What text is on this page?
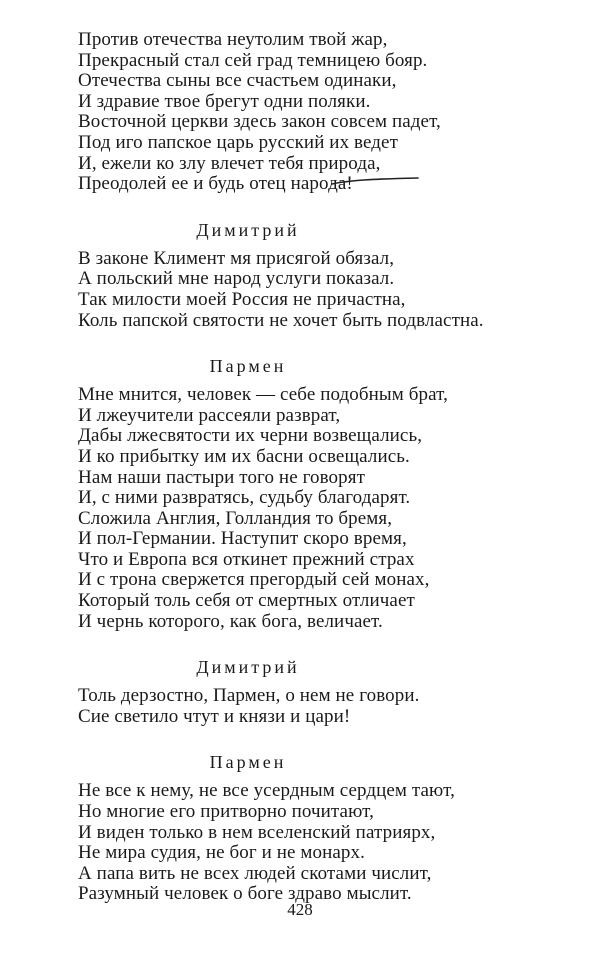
Против отечества неутолим твой жар,
Прекрасный стал сей град темницею бояр.
Отечества сыны все счастьем одинаки,
И здравие твое брегут одни поляки.
Восточной церкви здесь закон совсем падет,
Под иго папское царь русский их ведет
И, ежели ко злу влечет тебя природа,
Преодолей ее и будь отец народа!
Димитрий
В законе Климент мя присягой обязал,
А польский мне народ услуги показал.
Так милости моей Россия не причастна,
Коль папской святости не хочет быть подвластна.
Пармен
Мне мнится, человек — себе подобным брат,
И лжеучители рассеяли разврат,
Дабы лжесвятости их черни возвещались,
И ко прибытку им их басни освещались.
Нам наши пастыри того не говорят
И, с ними развратясь, судьбу благодарят.
Сложила Англия, Голландия то бремя,
И пол-Германии. Наступит скоро время,
Что и Европа вся откинет прежний страх
И с трона свержется прегордый сей монах,
Который толь себя от смертных отличает
И чернь которого, как бога, величает.
Димитрий
Толь дерзостно, Пармен, о нем не говори.
Сие светило чтут и князи и цари!
Пармен
Не все к нему, не все усердным сердцем тают,
Но многие его притворно почитают,
И виден только в нем вселенский патриярх,
Не мира судия, не бог и не монарх.
А папа вить не всех людей скотами числит,
Разумный человек о боге здраво мыслит.
428
